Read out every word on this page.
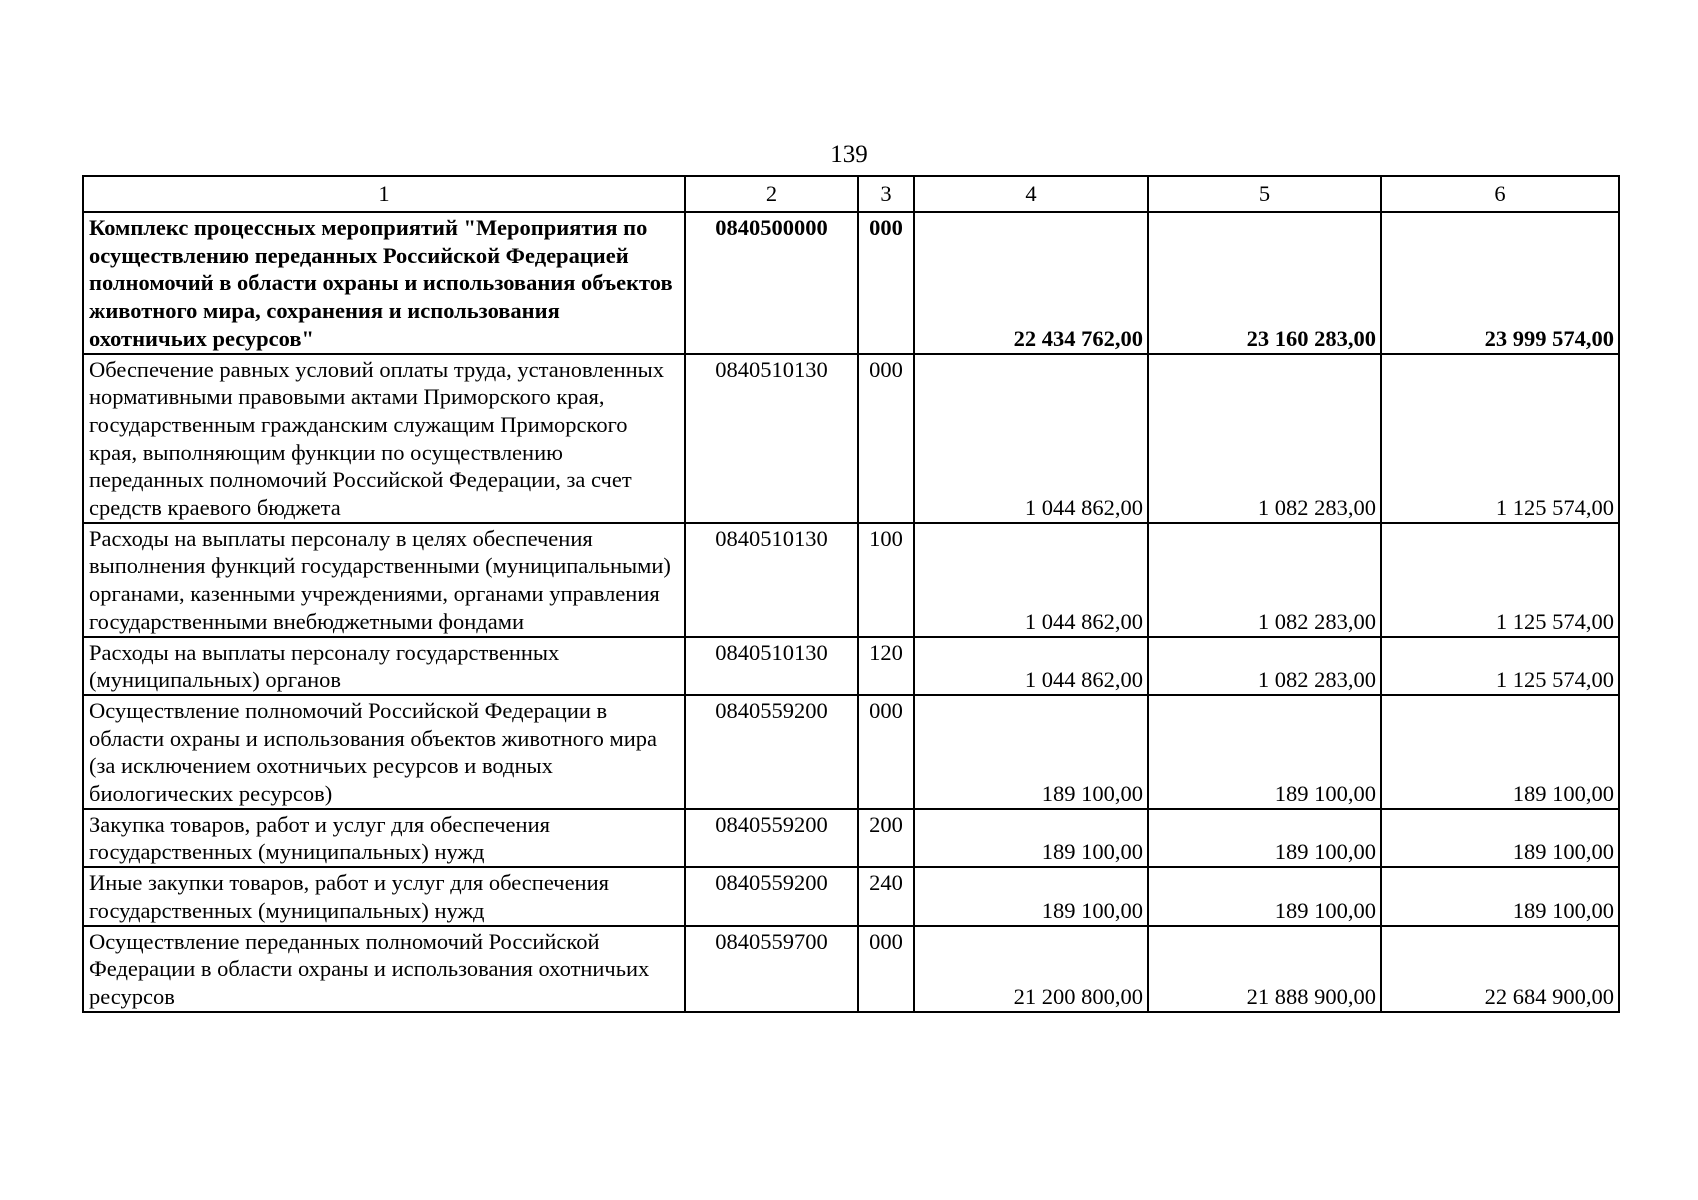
139
1	2	3	4	5	6
Комплекс процессных мероприятий "Мероприятия по осуществлению переданных Российской Федерацией полномочий в области охраны и использования объектов животного мира, сохранения и использования охотничьих ресурсов"	0840500000	000	22 434 762,00	23 160 283,00	23 999 574,00
Обеспечение равных условий оплаты труда, установленных нормативными правовыми актами Приморского края, государственным гражданским служащим Приморского края, выполняющим функции по осуществлению переданных полномочий Российской Федерации, за счет средств краевого бюджета	0840510130	000	1 044 862,00	1 082 283,00	1 125 574,00
Расходы на выплаты персоналу в целях обеспечения выполнения функций государственными (муниципальными) органами, казенными учреждениями, органами управления государственными внебюджетными фондами	0840510130	100	1 044 862,00	1 082 283,00	1 125 574,00
Расходы на выплаты персоналу государственных (муниципальных) органов	0840510130	120	1 044 862,00	1 082 283,00	1 125 574,00
Осуществление полномочий Российской Федерации в области охраны и использования объектов животного мира (за исключением охотничьих ресурсов и водных биологических ресурсов)	0840559200	000	189 100,00	189 100,00	189 100,00
Закупка товаров, работ и услуг для обеспечения государственных (муниципальных) нужд	0840559200	200	189 100,00	189 100,00	189 100,00
Иные закупки товаров, работ и услуг для обеспечения государственных (муниципальных) нужд	0840559200	240	189 100,00	189 100,00	189 100,00
Осуществление переданных полномочий Российской Федерации в области охраны и использования охотничьих ресурсов	0840559700	000	21 200 800,00	21 888 900,00	22 684 900,00
